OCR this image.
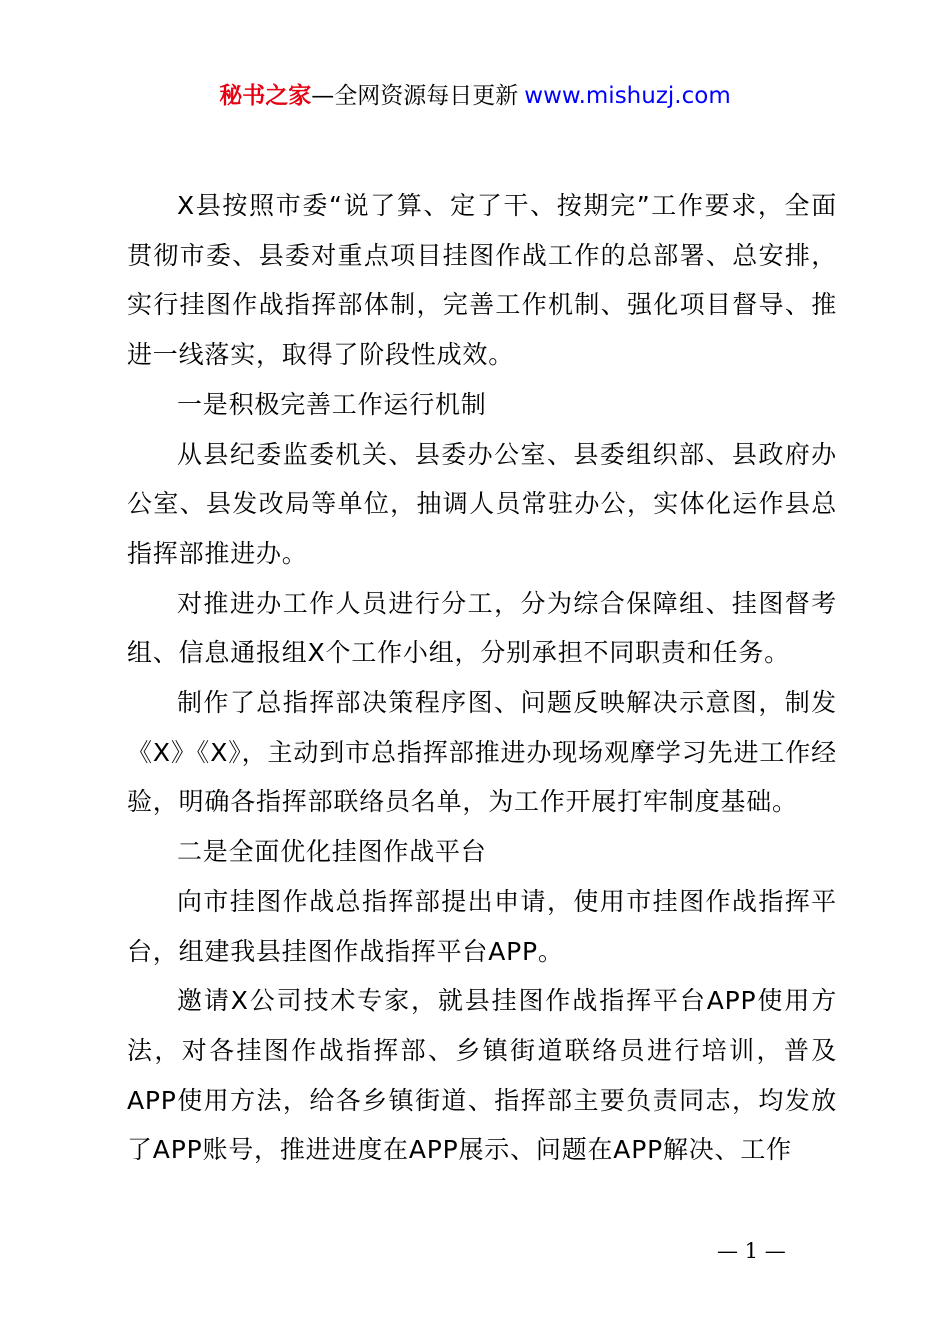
秘书之家—全网资源每日更新 www.mishuzj.com

X县按照市委“说了算、定了干、按期完”工作要求，全面贯彻市委、县委对重点项目挂图作战工作的总部署、总安排，实行挂图作战指挥部体制，完善工作机制、强化项目督导、推进一线落实，取得了阶段性成效。

一是积极完善工作运行机制

从县纪委监委机关、县委办公室、县委组织部、县政府办公室、县发改局等单位，抽调人员常驻办公，实体化运作县总指挥部推进办。

对推进办工作人员进行分工，分为综合保障组、挂图督考组、信息通报组X个工作小组，分别承担不同职责和任务。

制作了总指挥部决策程序图、问题反映解决示意图，制发《X》《X》，主动到市总指挥部推进办现场观摩学习先进工作经验，明确各指挥部联络员名单，为工作开展打牢制度基础。

二是全面优化挂图作战平台

向市挂图作战总指挥部提出申请，使用市挂图作战指挥平台，组建我县挂图作战指挥平台APP。

邀请X公司技术专家，就县挂图作战指挥平台APP使用方法，对各挂图作战指挥部、乡镇街道联络员进行培训，普及APP使用方法，给各乡镇街道、指挥部主要负责同志，均发放了APP账号，推进进度在APP展示、问题在APP解决、工作

— 1 —
